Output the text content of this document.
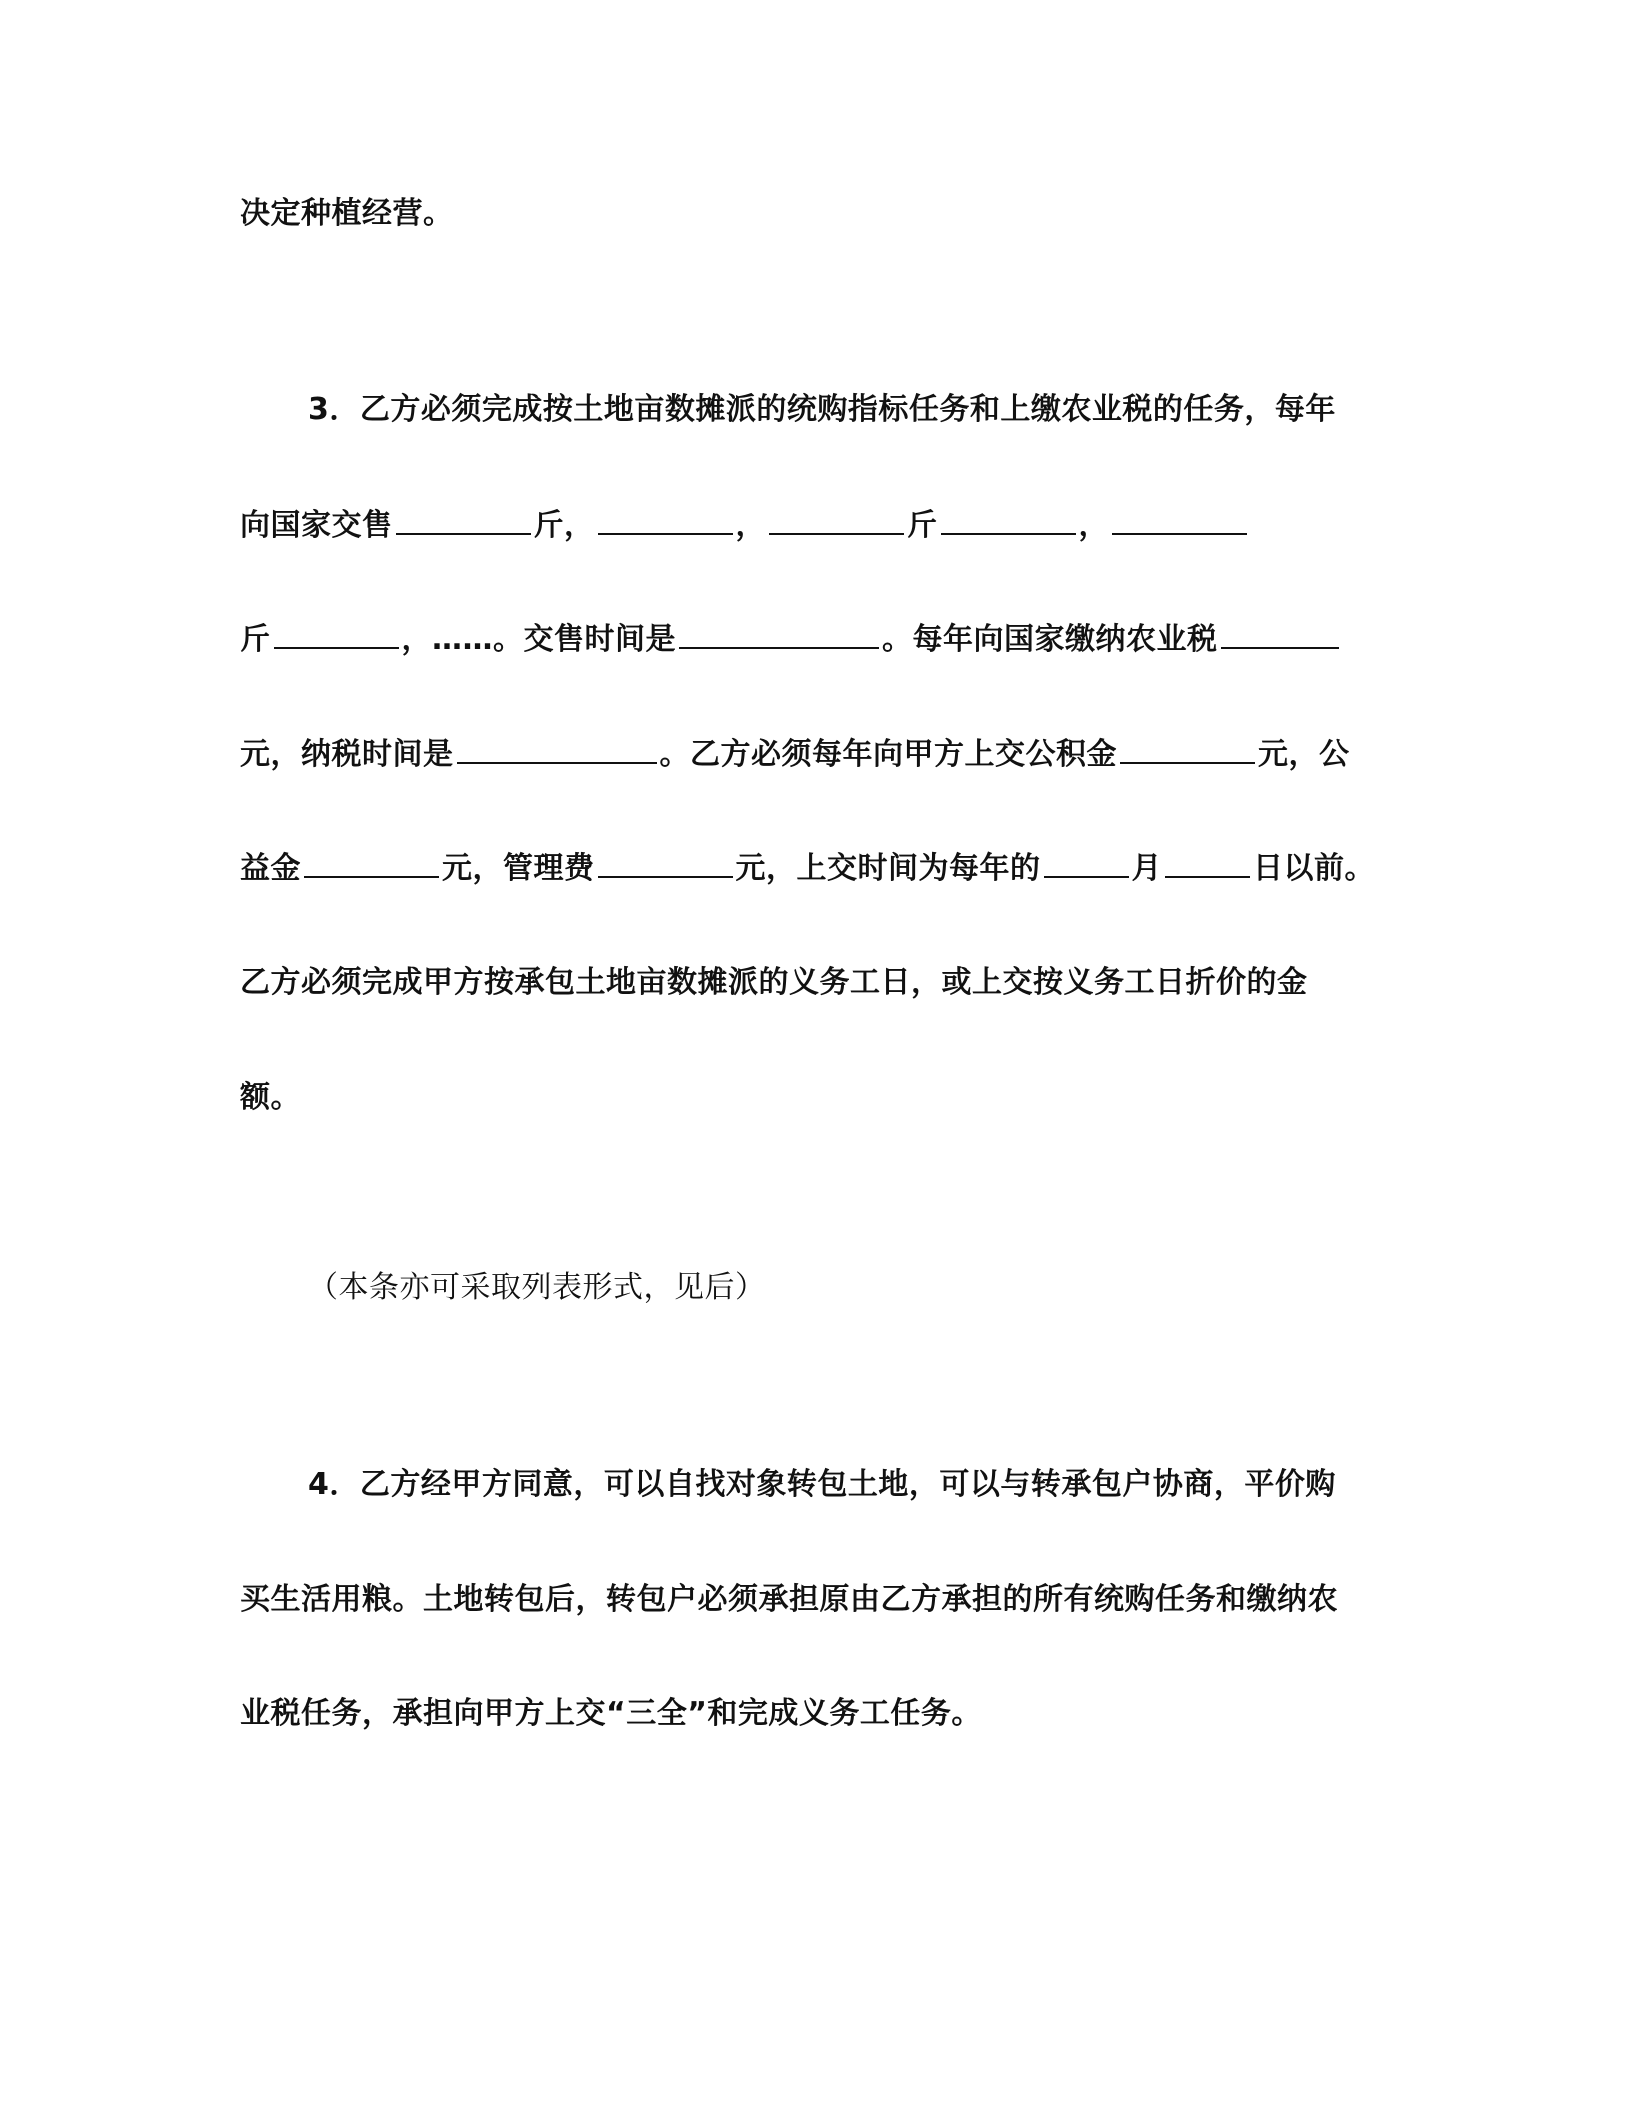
决定种植经营。
3．乙方必须完成按土地亩数摊派的统购指标任务和上缴农业税的任务，每年
向国家交售	斤，	，	斤	，
斤	，……。交售时间是	。每年向国家缴纳农业税
元，纳税时间是	。乙方必须每年向甲方上交公积金	元，公
益金	元，管理费	元，上交时间为每年的	月	日以前。
乙方必须完成甲方按承包土地亩数摊派的义务工日，或上交按义务工日折价的金
额。
（本条亦可采取列表形式，见后）
4．乙方经甲方同意，可以自找对象转包土地，可以与转承包户协商，平价购
买生活用粮。土地转包后，转包户必须承担原由乙方承担的所有统购任务和缴纳农
业税任务，承担向甲方上交“三全”和完成义务工任务。
